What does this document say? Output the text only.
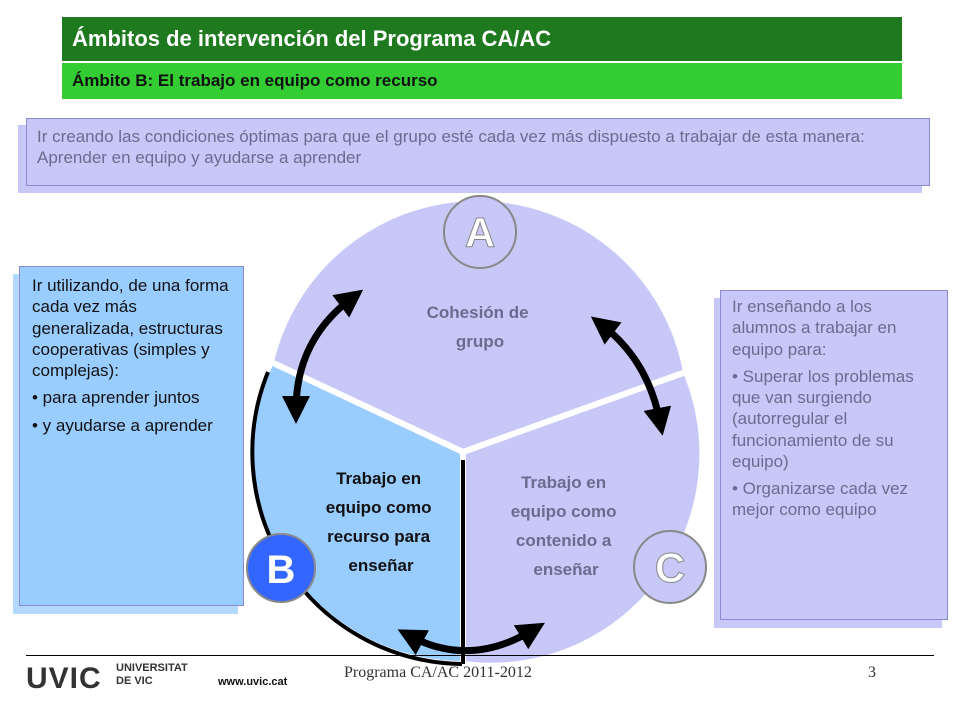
Ámbitos de intervención del Programa CA/AC
Ámbito B: El trabajo en equipo como recurso
Ir creando las condiciones óptimas para que el grupo esté cada vez más dispuesto a trabajar de esta manera: Aprender en equipo y ayudarse a aprender

Ir utilizando, de una forma cada vez más generalizada, estructuras cooperativas (simples y complejas):

• para aprender juntos

• y ayudarse a aprender

Cohesión de grupo
Trabajo en equipo como recurso para enseñar
Trabajo en equipo como contenido a enseñar
A
B	C

Ir enseñando a los alumnos a trabajar en equipo para:

• Superar los problemas que van surgiendo (autorregular el funcionamiento de su equipo)

• Organizarse cada vez mejor como equipo

UVIC UNIVERSITAT
DE VIC	www.uvic.cat
Programa CA/AC 2011-2012	3
